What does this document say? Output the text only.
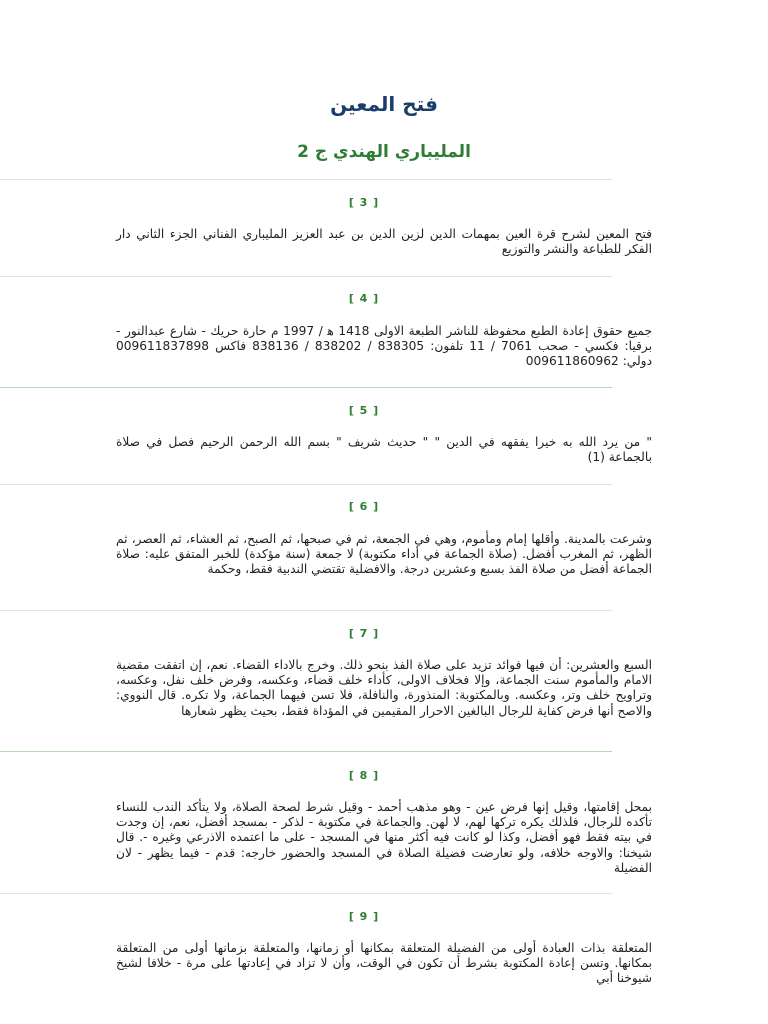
فتح المعين
المليباري الهندي ج 2
[ 3 ]

فتح المعين لشرح قرة العين بمهمات الدين لزين الدين بن عبد العزيز المليباري الفناني الجزء الثاني دار الفكر للطباعة والنشر والتوزيع

[ 4 ]

جميع حقوق إعادة الطبع محفوظة للناشر الطبعة الاولى 1418 ه‍ / 1997 م حارة حريك - شارع عبدالنور - برقيا: فكسي - صحب 7061 / 11 تلفون: 838305 / 838202 / 838136 فاكس 009611837898 دولي: 009611860962

[ 5 ]

" من يرد الله به خيرا يفقهه في الدين " " حديث شريف " بسم الله الرحمن الرحيم فصل في صلاة بالجماعة (1)

[ 6 ]

وشرعت بالمدينة. وأقلها إمام ومأموم، وهي في الجمعة، ثم في صبحها، ثم الصبح، ثم العشاء، ثم العصر، ثم الظهر، ثم المغرب أفضل. (صلاة الجماعة في أداء مكتوبة) لا جمعة (سنة مؤكدة) للخبر المتفق عليه: صلاة الجماعة أفضل من صلاة الفذ بسبع وعشرين درجة. والافضلية تقتضي الندبية فقط، وحكمة

[ 7 ]

السبع والعشرين: أن فيها فوائد تزيد على صلاة الفذ بنحو ذلك. وخرج بالاداء القضاء. نعم، إن اتفقت مقضية الامام والمأموم سنت الجماعة، وإلا فخلاف الاولى، كأداء خلف قضاء، وعكسه، وفرض خلف نفل، وعكسه، وتراويح خلف وتر، وعكسه. وبالمكتوبة: المنذورة، والنافلة، فلا تسن فيهما الجماعة، ولا تكره. قال النووي: والاصح أنها فرض كفاية للرجال البالغين الاحرار المقيمين في المؤداة فقط، بحيث يظهر شعارها

[ 8 ]

بمحل إقامتها، وقيل إنها فرض عين - وهو مذهب أحمد - وقيل شرط لصحة الصلاة، ولا يتأكد الندب للنساء تأكده للرجال، فلذلك يكره تركها لهم، لا لهن. والجماعة في مكتوبة - لذكر - بمسجد أفضل، نعم، إن وجدت في بيته فقط فهو أفضل، وكذا لو كانت فيه أكثر منها في المسجد - على ما اعتمده الاذرعي وغيره -. قال شيخنا: والاوجه خلافه، ولو تعارضت فضيلة الصلاة في المسجد والحضور خارجه: قدم - فيما يظهر - لان الفضيلة

[ 9 ]

المتعلقة بذات العبادة أولى من الفضيلة المتعلقة بمكانها أو زمانها، والمتعلقة بزمانها أولى من المتعلقة بمكانها. وتسن إعادة المكتوبة بشرط أن تكون في الوقت، وأن لا تزاد في إعادتها على مرة - خلافا لشيخ شيوخنا أبي
